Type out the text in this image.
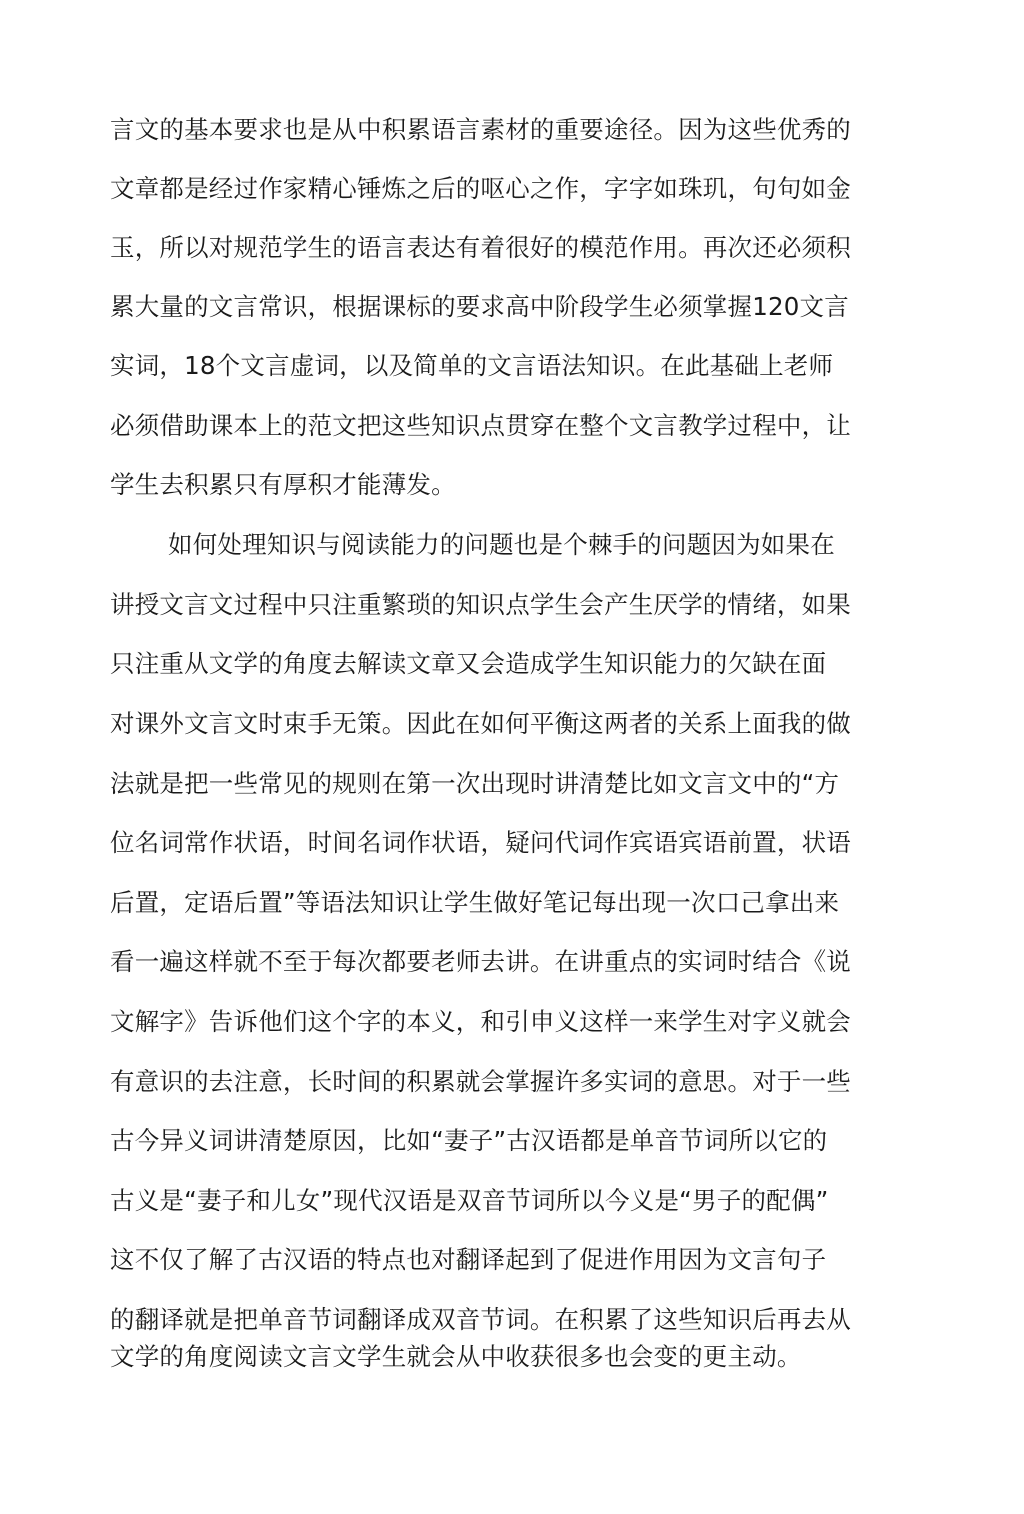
言文的基本要求也是从中积累语言素材的重要途径。因为这些优秀的
文章都是经过作家精心锤炼之后的呕心之作，字字如珠玑，句句如金
玉，所以对规范学生的语言表达有着很好的模范作用。再次还必须积
累大量的文言常识，根据课标的要求高中阶段学生必须掌握120文言
实词，18个文言虚词，以及简单的文言语法知识。在此基础上老师
必须借助课本上的范文把这些知识点贯穿在整个文言教学过程中，让
学生去积累只有厚积才能薄发。
如何处理知识与阅读能力的问题也是个棘手的问题因为如果在
讲授文言文过程中只注重繁琐的知识点学生会产生厌学的情绪，如果
只注重从文学的角度去解读文章又会造成学生知识能力的欠缺在面
对课外文言文时束手无策。因此在如何平衡这两者的关系上面我的做
法就是把一些常见的规则在第一次出现时讲清楚比如文言文中的“方
位名词常作状语，时间名词作状语，疑问代词作宾语宾语前置，状语
后置，定语后置”等语法知识让学生做好笔记每出现一次口己拿出来
看一遍这样就不至于每次都要老师去讲。在讲重点的实词时结合《说
文解字》告诉他们这个字的本义，和引申义这样一来学生对字义就会
有意识的去注意，长时间的积累就会掌握许多实词的意思。对于一些
古今异义词讲清楚原因，比如“妻子”古汉语都是单音节词所以它的
古义是“妻子和儿女”现代汉语是双音节词所以今义是“男子的配偶”
这不仅了解了古汉语的特点也对翻译起到了促进作用因为文言句子
的翻译就是把单音节词翻译成双音节词。在积累了这些知识后再去从
文学的角度阅读文言文学生就会从中收获很多也会变的更主动。
